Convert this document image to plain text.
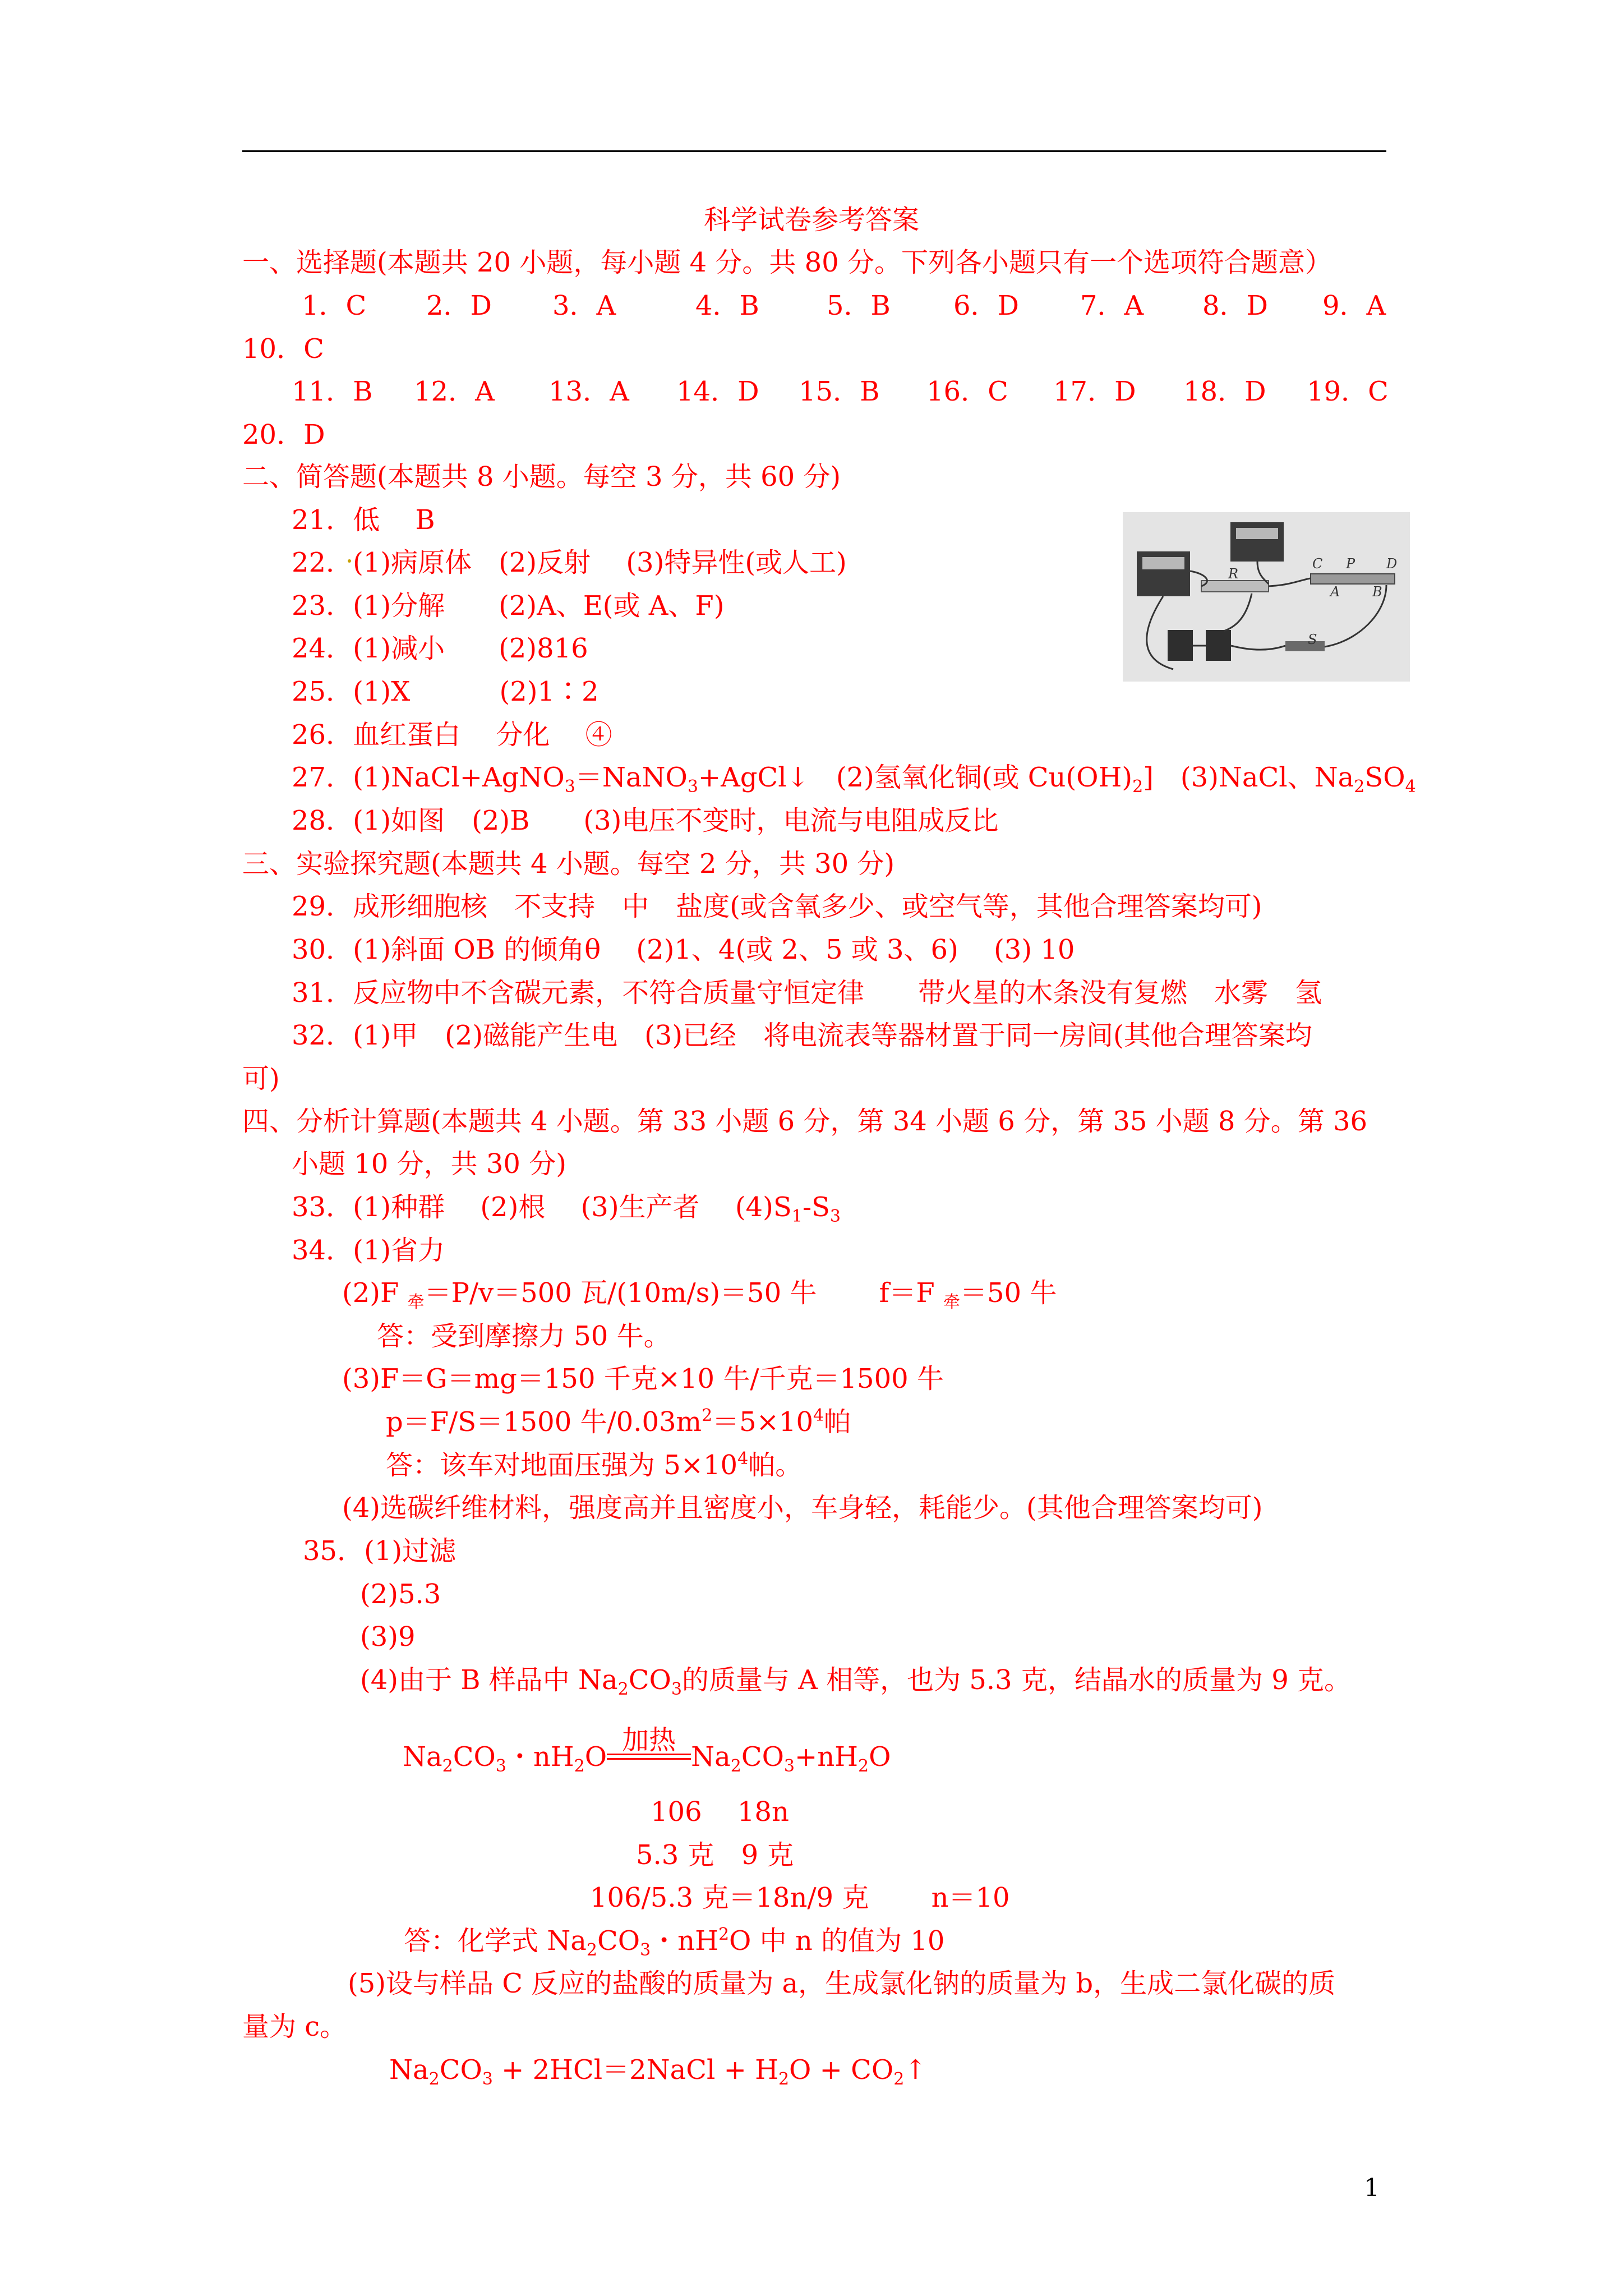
科学试卷参考答案
一、选择题(本题共 20 小题，每小题 4 分。共 80 分。下列各小题只有一个选项符合题意）
1．C 2．D 3．A	4．B	5．B 6．D 7．A 8．D 9．A
10．C
11．B 12．A 13．A 14．D 15．B 16．C 17．D 18．D 19．C
20．D
二、简答题(本题共 8 小题。每空 3 分，共 60 分)
21．低　 B
22．(1)病原体　(2)反射　 (3)特异性(或人工)
23．(1)分解　　(2)A、E(或 A、F)
24．(1)减小　　(2)816
25．(1)X　　　 (2)1∶2
26．血红蛋白　 分化　 ④
27．(1)NaCl+AgNO$_3$＝NaNO$_3$+AgCl↓　(2)氢氧化铜(或 $Cu(OH)_2$]　(3)NaCl、$Na_2SO_4$
28．(1)如图　(2)B　　(3)电压不变时，电流与电阻成反比
C P D
R
A B
S
三、实验探究题(本题共 4 小题。每空 2 分，共 30 分)
29．成形细胞核　不支持　中　盐度(或含氧多少、或空气等，其他合理答案均可)
30．(1)斜面 OB 的倾角θ　 (2)1、4(或 2、5 或 3、6)　 (3) 10
31．反应物中不含碳元素，不符合质量守恒定律　　带火星的木条没有复燃　水雾　氢
32．(1)甲　(2)磁能产生电　(3)已经　将电流表等器材置于同一房间(其他合理答案均
可)
四、分析计算题(本题共 4 小题。第 33 小题 6 分，第 34 小题 6 分，第 35 小题 8 分。第 36
小题 10 分，共 30 分)
33．(1)种群　 (2)根　 (3)生产者　 $(4)S_1-S_3$
34．(1)省力
(2)F $_牵$＝P/v＝500 瓦/(10m/s)＝50 牛　　 f＝F $_牵$＝50 牛
答：受到摩擦力 50 牛。
(3)F＝G＝mg＝150 千克×10 牛/千克＝1500 牛
p＝F/S＝1500 牛$/0.03m^2=5\times 10^4$帕
答：该车对地面压强为 $5\times 10^4$帕。
(4)选碳纤维材料，强度高并且密度小，车身轻，耗能少。(其他合理答案均可)
35．(1)过滤
(2)5.3
(3)9
(4)由于 B 样品中 $Na_2CO_3$的质量与 A 相等，也为 5.3 克，结晶水的质量为 9 克。
$Na_2CO_3$・$nH_2O$
加热
$Na_2CO_3+nH_2O$
106　 18n
5.3 克　9 克
106/5.3 克＝18n/9 克　　 n＝10
答：化学式 $Na_2CO_3$・$nH^2O$ 中 n 的值为 10
(5)设与样品 C 反应的盐酸的质量为 a，生成氯化钠的质量为 b，生成二氯化碳的质
量为 c。
$Na_2CO_3$ + 2HCl＝2NaCl + $H_2O$ + $CO_2↑$
1
